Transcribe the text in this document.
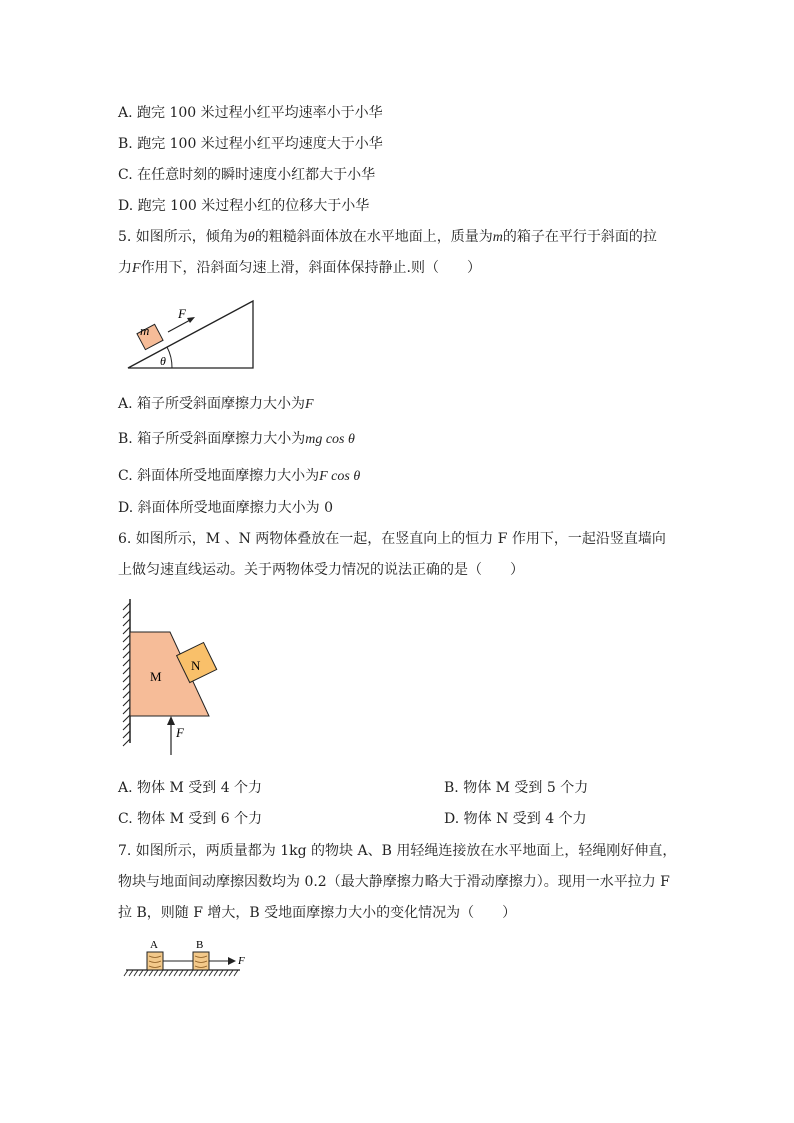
A. 跑完 100 米过程小红平均速率小于小华
B. 跑完 100 米过程小红平均速度大于小华
C. 在任意时刻的瞬时速度小红都大于小华
D. 跑完 100 米过程小红的位移大于小华
5. 如图所示，倾角为θ的粗糙斜面体放在水平地面上，质量为m的箱子在平行于斜面的拉
力F作用下，沿斜面匀速上滑，斜面体保持静止.则（　　）
m
F
θ
A. 箱子所受斜面摩擦力大小为F
B. 箱子所受斜面摩擦力大小为mg cos θ
C. 斜面体所受地面摩擦力大小为F cos θ
D. 斜面体所受地面摩擦力大小为 0
6. 如图所示，M 、N 两物体叠放在一起，在竖直向上的恒力 F 作用下，一起沿竖直墙向
上做匀速直线运动。关于两物体受力情况的说法正确的是（　　）
M
N
F
A. 物体 M 受到 4 个力	B. 物体 M 受到 5 个力
C. 物体 M 受到 6 个力	D. 物体 N 受到 4 个力
7. 如图所示，两质量都为 1kg 的物块 A、B 用轻绳连接放在水平地面上，轻绳刚好伸直，
物块与地面间动摩擦因数均为 0.2（最大静摩擦力略大于滑动摩擦力）。现用一水平拉力 F
拉 B，则随 F 增大，B 受地面摩擦力大小的变化情况为（　　）
A	B
F
